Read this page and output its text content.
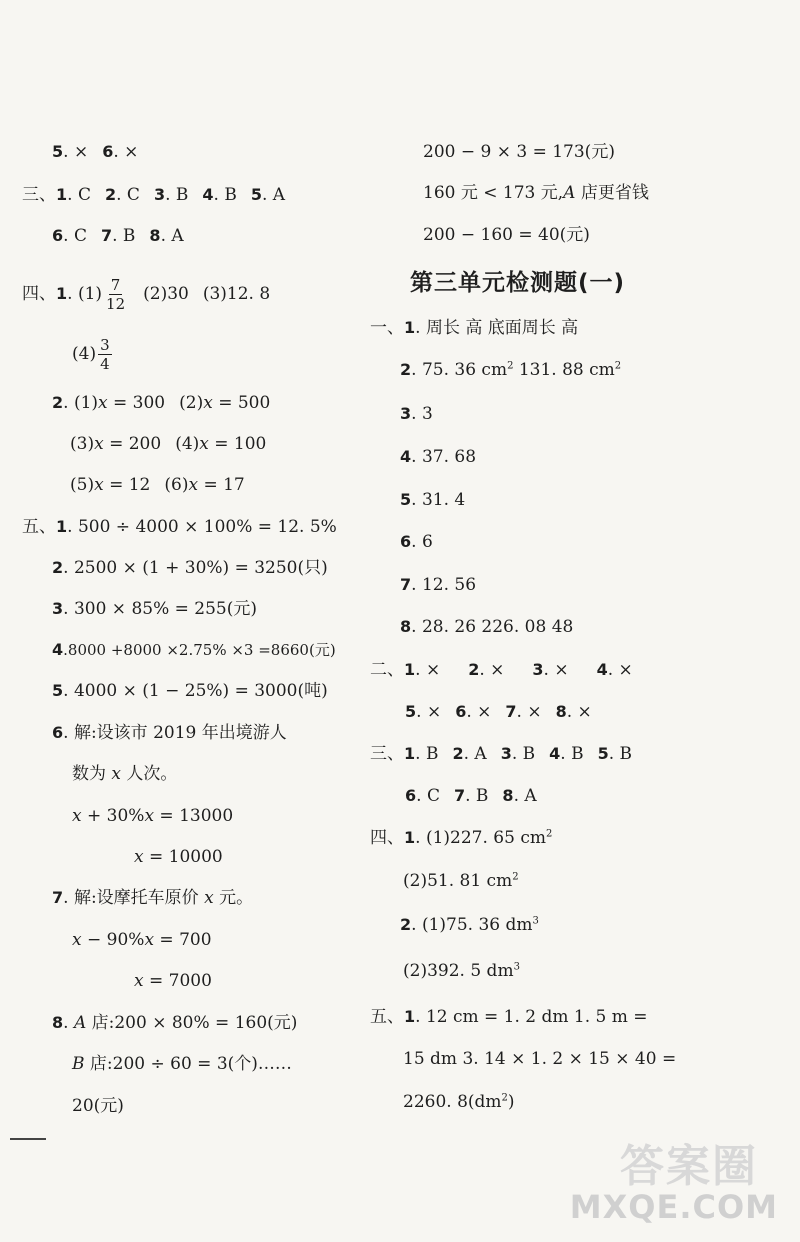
5. × 6. ×
三、1. C 2. C 3. B 4. B 5. A
6. C 7. B 8. A
四、1. $(1) \frac{7}{12} (2)30$ (3)12. 8
$(4) \frac{3}{4}$
2. (1)x = 300 (2)x = 500
(3)x = 200 (4)x = 100
(5)x = 12 (6)x = 17
五、1. 500 ÷ 4000 × 100% = 12. 5%
2. 2500 × (1 + 30%) = 3250(只)
3. 300 × 85% = 255(元)
4.8000 +8000 ×2.75% ×3 =8660(元)
5. 4000 × (1 − 25%) = 3000(吨)
6. 解:设该市 2019 年出境游人
数为 x 人次。
x + 30%x = 13000
x = 10000
7. 解:设摩托车原价 x 元。
x − 90%x = 700
x = 7000
8. A 店:200 × 80% = 160(元)
B 店:200 ÷ 60 = 3(个)……
20(元)
200 − 9 × 3 = 173(元)
160 元 < 173 元,A 店更省钱
200 − 160 = 40(元)
第三单元检测题(一)
一、1. 周长 高 底面周长 高
2. 75. 36 $cm^2$ 131. 88 $cm^2$
3. 3
4. 37. 68
5. 31. 4
6. 6
7. 12. 56
8. 28. 26 226. 08 48
二、1. × 2. × 3. × 4. ×
5. × 6. × 7. × 8. ×
三、1. B 2. A 3. B 4. B 5. B
6. C 7. B 8. A
四、1. (1)227. 65 $cm^2$
(2)51. 81 $cm^2$
2. (1)75. 36 $dm^3$
(2)392. 5 $dm^3$
五、1. 12 cm = 1. 2 dm 1. 5 m =
15 dm 3. 14 × 1. 2 × 15 × 40 =
2260. $8(dm^2)$
答案圈
MXQE.COM
